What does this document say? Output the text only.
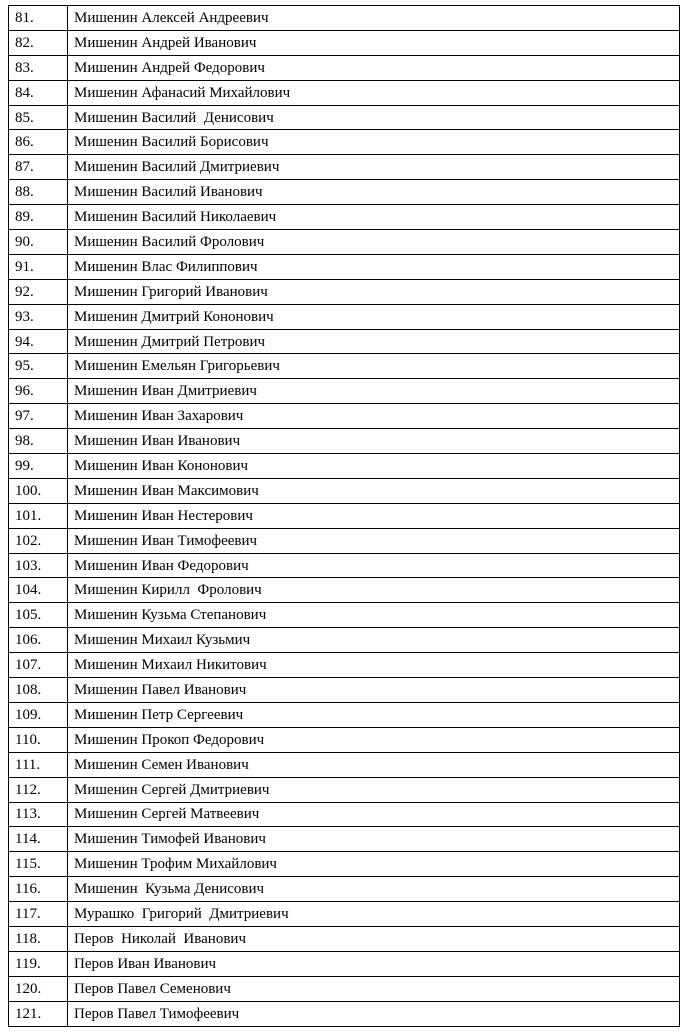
81.	Мишенин Алексей Андреевич
82.	Мишенин Андрей Иванович
83.	Мишенин Андрей Федорович
84.	Мишенин Афанасий Михайлович
85.	Мишенин Василий  Денисович
86.	Мишенин Василий Борисович
87.	Мишенин Василий Дмитриевич
88.	Мишенин Василий Иванович
89.	Мишенин Василий Николаевич
90.	Мишенин Василий Фролович
91.	Мишенин Влас Филиппович
92.	Мишенин Григорий Иванович
93.	Мишенин Дмитрий Кононович
94.	Мишенин Дмитрий Петрович
95.	Мишенин Емельян Григорьевич
96.	Мишенин Иван Дмитриевич
97.	Мишенин Иван Захарович
98.	Мишенин Иван Иванович
99.	Мишенин Иван Кононович
100.	Мишенин Иван Максимович
101.	Мишенин Иван Нестерович
102.	Мишенин Иван Тимофеевич
103.	Мишенин Иван Федорович
104.	Мишенин Кирилл  Фролович
105.	Мишенин Кузьма Степанович
106.	Мишенин Михаил Кузьмич
107.	Мишенин Михаил Никитович
108.	Мишенин Павел Иванович
109.	Мишенин Петр Сергеевич
110.	Мишенин Прокоп Федорович
111.	Мишенин Семен Иванович
112.	Мишенин Сергей Дмитриевич
113.	Мишенин Сергей Матвеевич
114.	Мишенин Тимофей Иванович
115.	Мишенин Трофим Михайлович
116.	Мишенин  Кузьма Денисович
117.	Мурашко  Григорий  Дмитриевич
118.	Перов  Николай  Иванович
119.	Перов Иван Иванович
120.	Перов Павел Семенович
121.	Перов Павел Тимофеевич
